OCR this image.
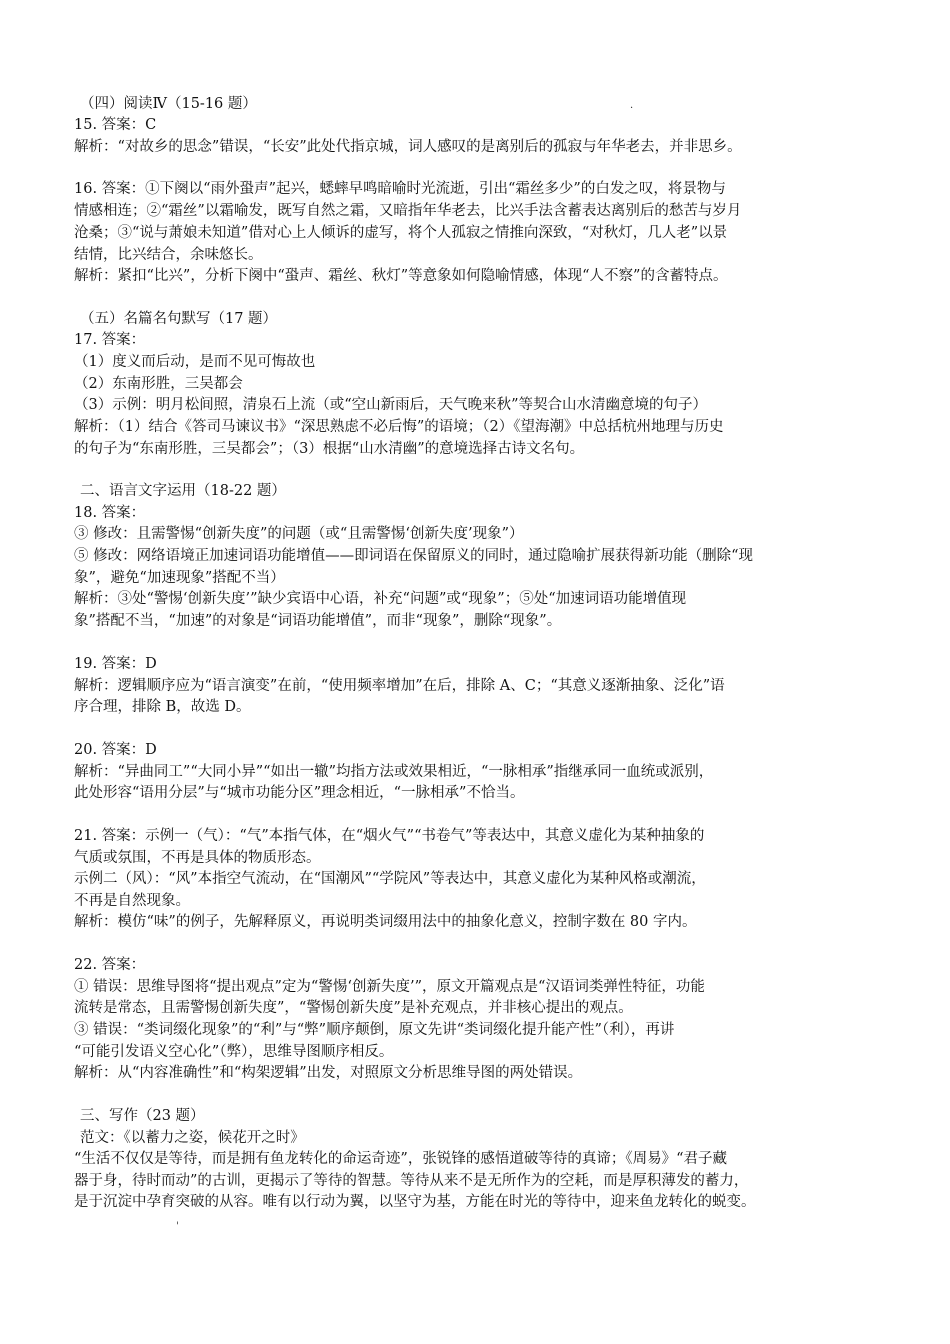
（四）阅读Ⅳ（15-16 题）	·
15. 答案：C
解析：“对故乡的思念”错误，“长安”此处代指京城，词人感叹的是离别后的孤寂与年华老去，并非思乡。
16. 答案：①下阕以“雨外蛩声”起兴，蟋蟀早鸣暗喻时光流逝，引出“霜丝多少”的白发之叹，将景物与
情感相连；②“霜丝”以霜喻发，既写自然之霜，又暗指年华老去，比兴手法含蓄表达离别后的愁苦与岁月
沧桑；③“说与萧娘未知道”借对心上人倾诉的虚写，将个人孤寂之情推向深致，“对秋灯，几人老”以景
结情，比兴结合，余味悠长。
解析：紧扣“比兴”，分析下阕中“蛩声、霜丝、秋灯”等意象如何隐喻情感，体现“人不察”的含蓄特点。
（五）名篇名句默写（17 题）
17. 答案：
（1）度义而后动，是而不见可悔故也
（2）东南形胜，三吴都会
（3）示例：明月松间照，清泉石上流（或“空山新雨后，天气晚来秋”等契合山水清幽意境的句子）
解析：（1）结合《答司马谏议书》“深思熟虑不必后悔”的语境；（2）《望海潮》中总括杭州地理与历史
的句子为“东南形胜，三吴都会”；（3）根据“山水清幽”的意境选择古诗文名句。
二、语言文字运用（18-22 题）
18. 答案：
③ 修改：且需警惕“创新失度”的问题（或“且需警惕‘创新失度’现象”）
⑤ 修改：网络语境正加速词语功能增值——即词语在保留原义的同时，通过隐喻扩展获得新功能（删除“现
象”，避免“加速现象”搭配不当）
解析：③处“警惕‘创新失度’”缺少宾语中心语，补充“问题”或“现象”；⑤处“加速词语功能增值现
象”搭配不当，“加速”的对象是“词语功能增值”，而非“现象”，删除“现象”。
19. 答案：D
解析：逻辑顺序应为“语言演变”在前，“使用频率增加”在后，排除 A、C；“其意义逐渐抽象、泛化”语
序合理，排除 B，故选 D。
20. 答案：D
解析：“异曲同工”“大同小异”“如出一辙”均指方法或效果相近，“一脉相承”指继承同一血统或派别，
此处形容“语用分层”与“城市功能分区”理念相近，“一脉相承”不恰当。
21. 答案：示例一（气）：“气”本指气体，在“烟火气”“书卷气”等表达中，其意义虚化为某种抽象的
气质或氛围，不再是具体的物质形态。
示例二（风）：“风”本指空气流动，在“国潮风”“学院风”等表达中，其意义虚化为某种风格或潮流，
不再是自然现象。
解析：模仿“味”的例子，先解释原义，再说明类词缀用法中的抽象化意义，控制字数在 80 字内。
22. 答案：
① 错误：思维导图将“提出观点”定为“警惕‘创新失度’”，原文开篇观点是“汉语词类弹性特征，功能
流转是常态，且需警惕创新失度”，“警惕创新失度”是补充观点，并非核心提出的观点。
③ 错误：“类词缀化现象”的“利”与“弊”顺序颠倒，原文先讲“类词缀化提升能产性”（利），再讲
“可能引发语义空心化”（弊），思维导图顺序相反。
解析：从“内容准确性”和“构架逻辑”出发，对照原文分析思维导图的两处错误。
三、写作（23 题）
范文：《以蓄力之姿，候花开之时》
“生活不仅仅是等待，而是拥有鱼龙转化的命运奇迹”，张锐锋的感悟道破等待的真谛；《周易》“君子藏
器于身，待时而动”的古训，更揭示了等待的智慧。等待从来不是无所作为的空耗，而是厚积薄发的蓄力，
是于沉淀中孕育突破的从容。唯有以行动为翼，以坚守为基，方能在时光的等待中，迎来鱼龙转化的蜕变。
'
